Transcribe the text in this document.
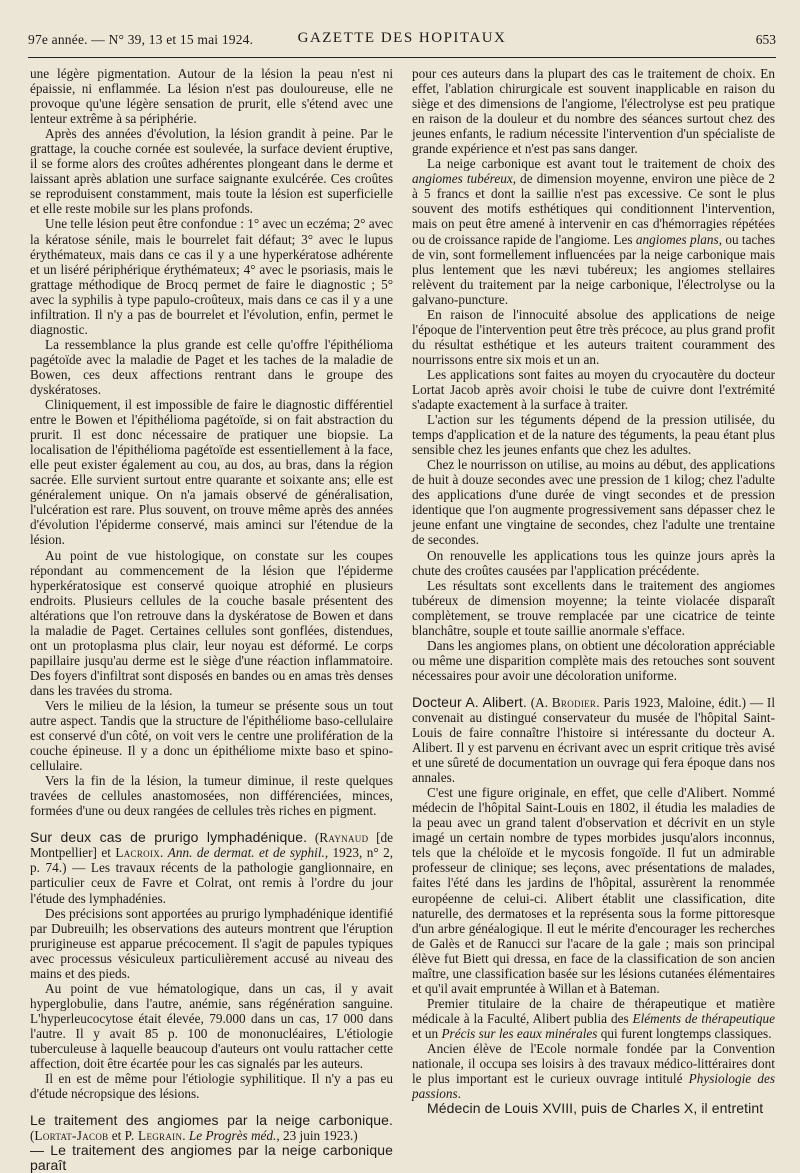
97e année. — N° 39, 13 et 15 mai 1924.	GAZETTE DES HOPITAUX	653

une légère pigmentation. Autour de la lésion la peau n'est ni épaissie, ni enflammée. La lésion n'est pas douloureuse, elle ne provoque qu'une légère sensation de prurit, elle s'étend avec une lenteur extrême à sa périphérie.

Après des années d'évolution, la lésion grandit à peine. Par le grattage, la couche cornée est soulevée, la surface devient éruptive, il se forme alors des croûtes adhérentes plongeant dans le derme et laissant après ablation une surface saignante exulcérée. Ces croûtes se reproduisent constamment, mais toute la lésion est superficielle et elle reste mobile sur les plans profonds.

Une telle lésion peut être confondue : 1° avec un eczéma; 2° avec la kératose sénile, mais le bourrelet fait défaut; 3° avec le lupus érythémateux, mais dans ce cas il y a une hyperkératose adhérente et un liséré périphérique érythémateux; 4° avec le psoriasis, mais le grattage méthodique de Brocq permet de faire le diagnostic ; 5° avec la syphilis à type papulo-croûteux, mais dans ce cas il y a une infiltration. Il n'y a pas de bourrelet et l'évolution, enfin, permet le diagnostic.

La ressemblance la plus grande est celle qu'offre l'épithélioma pagétoïde avec la maladie de Paget et les taches de la maladie de Bowen, ces deux affections rentrant dans le groupe des dyskératoses.

Cliniquement, il est impossible de faire le diagnostic différentiel entre le Bowen et l'épithélioma pagétoïde, si on fait abstraction du prurit. Il est donc nécessaire de pratiquer une biopsie. La localisation de l'épithélioma pagétoïde est essentiellement à la face, elle peut exister également au cou, au dos, au bras, dans la région sacrée. Elle survient surtout entre quarante et soixante ans; elle est généralement unique. On n'a jamais observé de généralisation, l'ulcération est rare. Plus souvent, on trouve même après des années d'évolution l'épiderme conservé, mais aminci sur l'étendue de la lésion.

Au point de vue histologique, on constate sur les coupes répondant au commencement de la lésion que l'épiderme hyperkératosique est conservé quoique atrophié en plusieurs endroits. Plusieurs cellules de la couche basale présentent des altérations que l'on retrouve dans la dyskératose de Bowen et dans la maladie de Paget. Certaines cellules sont gonflées, distendues, ont un protoplasma plus clair, leur noyau est déformé. Le corps papillaire jusqu'au derme est le siège d'une réaction inflammatoire. Des foyers d'infiltrat sont disposés en bandes ou en amas très denses dans les travées du stroma.

Vers le milieu de la lésion, la tumeur se présente sous un tout autre aspect. Tandis que la structure de l'épithéliome baso-cellulaire est conservé d'un côté, on voit vers le centre une prolifération de la couche épineuse. Il y a donc un épithéliome mixte baso et spino-cellulaire.

Vers la fin de la lésion, la tumeur diminue, il reste quelques travées de cellules anastomosées, non différenciées, minces, formées d'une ou deux rangées de cellules très riches en pigment.

Sur deux cas de prurigo lymphadénique. (Raynaud [de Montpellier] et Lacroix. Ann. de dermat. et de syphil., 1923, n° 2, p. 74.) — Les travaux récents de la pathologie ganglionnaire, en particulier ceux de Favre et Colrat, ont remis à l'ordre du jour l'étude des lymphadénies.

Des précisions sont apportées au prurigo lymphadénique identifié par Dubreuilh; les observations des auteurs montrent que l'éruption prurigineuse est apparue précocement. Il s'agit de papules typiques avec processus vésiculeux particulièrement accusé au niveau des mains et des pieds.

Au point de vue hématologique, dans un cas, il y avait hyperglobulie, dans l'autre, anémie, sans régénération sanguine. L'hyperleucocytose était élevée, 79.000 dans un cas, 17 000 dans l'autre. Il y avait 85 p. 100 de mononucléaires, L'étiologie tuberculeuse à laquelle beaucoup d'auteurs ont voulu rattacher cette affection, doit être écartée pour les cas signalés par les auteurs.

Il en est de même pour l'étiologie syphilitique. Il n'y a pas eu d'étude nécropsique des lésions.

Le traitement des angiomes par la neige carbonique. (Lortat-Jacob et P. Legrain. Le Progrès méd., 23 juin 1923.)

— Le traitement des angiomes par la neige carbonique paraît

pour ces auteurs dans la plupart des cas le traitement de choix. En effet, l'ablation chirurgicale est souvent inapplicable en raison du siège et des dimensions de l'angiome, l'électrolyse est peu pratique en raison de la douleur et du nombre des séances surtout chez des jeunes enfants, le radium nécessite l'intervention d'un spécialiste de grande expérience et n'est pas sans danger.

La neige carbonique est avant tout le traitement de choix des angiomes tubéreux, de dimension moyenne, environ une pièce de 2 à 5 francs et dont la saillie n'est pas excessive. Ce sont le plus souvent des motifs esthétiques qui conditionnent l'intervention, mais on peut être amené à intervenir en cas d'hémorragies répétées ou de croissance rapide de l'angiome. Les angiomes plans, ou taches de vin, sont formellement influencées par la neige carbonique mais plus lentement que les nævi tubéreux; les angiomes stellaires relèvent du traitement par la neige carbonique, l'électrolyse ou la galvano-puncture.

En raison de l'innocuité absolue des applications de neige l'époque de l'intervention peut être très précoce, au plus grand profit du résultat esthétique et les auteurs traitent couramment des nourrissons entre six mois et un an.

Les applications sont faites au moyen du cryocautère du docteur Lortat Jacob après avoir choisi le tube de cuivre dont l'extrémité s'adapte exactement à la surface à traiter.

L'action sur les téguments dépend de la pression utilisée, du temps d'application et de la nature des téguments, la peau étant plus sensible chez les jeunes enfants que chez les adultes.

Chez le nourrisson on utilise, au moins au début, des applications de huit à douze secondes avec une pression de 1 kilog; chez l'adulte des applications d'une durée de vingt secondes et de pression identique que l'on augmente progressivement sans dépasser chez le jeune enfant une vingtaine de secondes, chez l'adulte une trentaine de secondes.

On renouvelle les applications tous les quinze jours après la chute des croûtes causées par l'application précédente.

Les résultats sont excellents dans le traitement des angiomes tubéreux de dimension moyenne; la teinte violacée disparaît complètement, se trouve remplacée par une cicatrice de teinte blanchâtre, souple et toute saillie anormale s'efface.

Dans les angiomes plans, on obtient une décoloration appréciable ou même une disparition complète mais des retouches sont souvent nécessaires pour avoir une décoloration uniforme.

Docteur A. Alibert. (A. Brodier. Paris 1923, Maloine, édit.) — Il convenait au distingué conservateur du musée de l'hôpital Saint-Louis de faire connaître l'histoire si intéressante du docteur A. Alibert. Il y est parvenu en écrivant avec un esprit critique très avisé et une sûreté de documentation un ouvrage qui fera époque dans nos annales.

C'est une figure originale, en effet, que celle d'Alibert. Nommé médecin de l'hôpital Saint-Louis en 1802, il étudia les maladies de la peau avec un grand talent d'observation et décrivit en un style imagé un certain nombre de types morbides jusqu'alors inconnus, tels que la chéloïde et le mycosis fongoïde. Il fut un admirable professeur de clinique; ses leçons, avec présentations de malades, faites l'été dans les jardins de l'hôpital, assurèrent la renommée européenne de celui-ci. Alibert établit une classification, dite naturelle, des dermatoses et la représenta sous la forme pittoresque d'un arbre généalogique. Il eut le mérite d'encourager les recherches de Galès et de Ranucci sur l'acare de la gale ; mais son principal élève fut Biett qui dressa, en face de la classification de son ancien maître, une classification basée sur les lésions cutanées élémentaires et qu'il avait empruntée à Willan et à Bateman.

Premier titulaire de la chaire de thérapeutique et matière médicale à la Faculté, Alibert publia des Eléments de thérapeutique et un Précis sur les eaux minérales qui furent longtemps classiques.

Ancien élève de l'Ecole normale fondée par la Convention nationale, il occupa ses loisirs à des travaux médico-littéraires dont le plus important est le curieux ouvrage intitulé Physiologie des passions.

Médecin de Louis XVIII, puis de Charles X, il entretint
